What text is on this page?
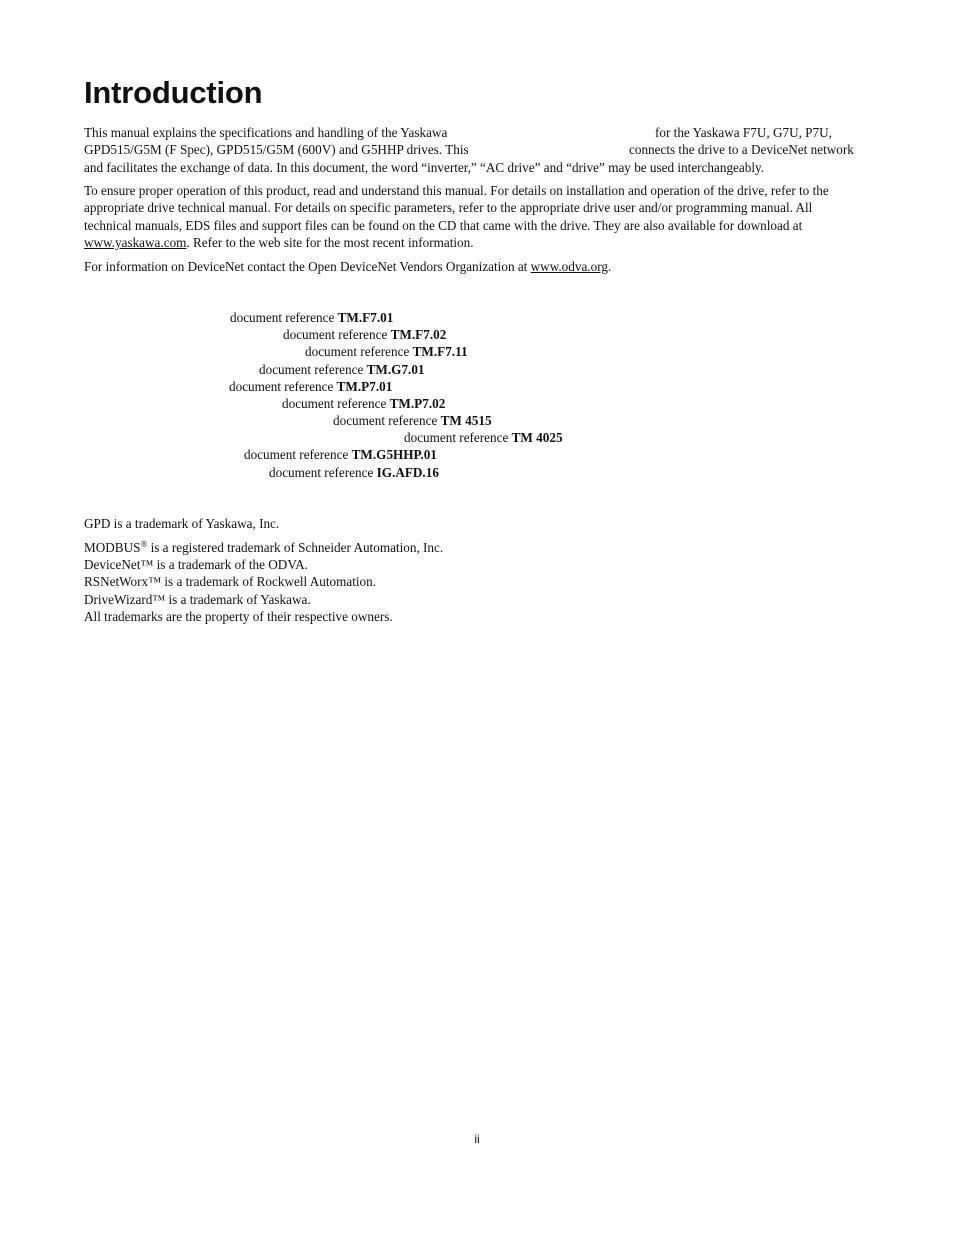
Introduction
This manual explains the specifications and handling of the Yaskawa	for the Yaskawa F7U, G7U, P7U,
GPD515/G5M (F Spec), GPD515/G5M (600V) and G5HHP drives. This	connects the drive to a DeviceNet network
and facilitates the exchange of data. In this document, the word “inverter,” “AC drive” and “drive” may be used interchangeably.
To ensure proper operation of this product, read and understand this manual. For details on installation and operation of the drive, refer to the
appropriate drive technical manual. For details on specific parameters, refer to the appropriate drive user and/or programming manual. All
technical manuals, EDS files and support files can be found on the CD that came with the drive. They are also available for download at
www.yaskawa.com. Refer to the web site for the most recent information.
For information on DeviceNet contact the Open DeviceNet Vendors Organization at www.odva.org.
document reference TM.F7.01
document reference TM.F7.02
document reference TM.F7.11
document reference TM.G7.01
document reference TM.P7.01
document reference TM.P7.02
document reference TM 4515
document reference TM 4025
document reference TM.G5HHP.01
document reference IG.AFD.16
GPD is a trademark of Yaskawa, Inc.
MODBUS® is a registered trademark of Schneider Automation, Inc.
DeviceNet™ is a trademark of the ODVA.
RSNetWorx™ is a trademark of Rockwell Automation.
DriveWizard™ is a trademark of Yaskawa.
All trademarks are the property of their respective owners.
ii
